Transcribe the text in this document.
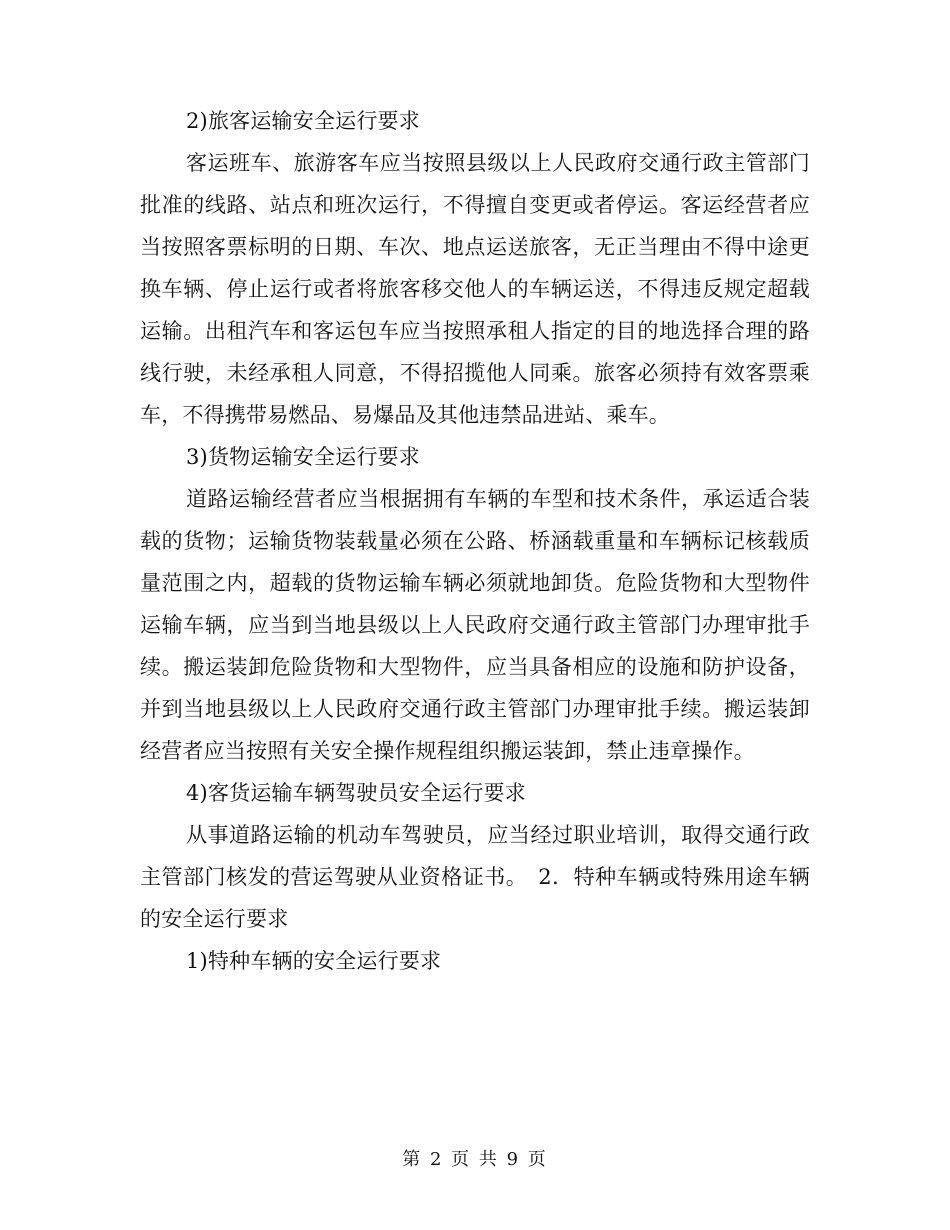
2)旅客运输安全运行要求

客运班车、旅游客车应当按照县级以上人民政府交通行政主管部门批准的线路、站点和班次运行，不得擅自变更或者停运。客运经营者应当按照客票标明的日期、车次、地点运送旅客，无正当理由不得中途更换车辆、停止运行或者将旅客移交他人的车辆运送，不得违反规定超载运输。出租汽车和客运包车应当按照承租人指定的目的地选择合理的路线行驶，未经承租人同意，不得招揽他人同乘。旅客必须持有效客票乘车，不得携带易燃品、易爆品及其他违禁品进站、乘车。

3)货物运输安全运行要求

道路运输经营者应当根据拥有车辆的车型和技术条件，承运适合装载的货物；运输货物装载量必须在公路、桥涵载重量和车辆标记核载质量范围之内，超载的货物运输车辆必须就地卸货。危险货物和大型物件运输车辆，应当到当地县级以上人民政府交通行政主管部门办理审批手续。搬运装卸危险货物和大型物件，应当具备相应的设施和防护设备，并到当地县级以上人民政府交通行政主管部门办理审批手续。搬运装卸经营者应当按照有关安全操作规程组织搬运装卸，禁止违章操作。

4)客货运输车辆驾驶员安全运行要求

从事道路运输的机动车驾驶员，应当经过职业培训，取得交通行政主管部门核发的营运驾驶从业资格证书。　2．特种车辆或特殊用途车辆的安全运行要求

1)特种车辆的安全运行要求

第 2 页 共 9 页
